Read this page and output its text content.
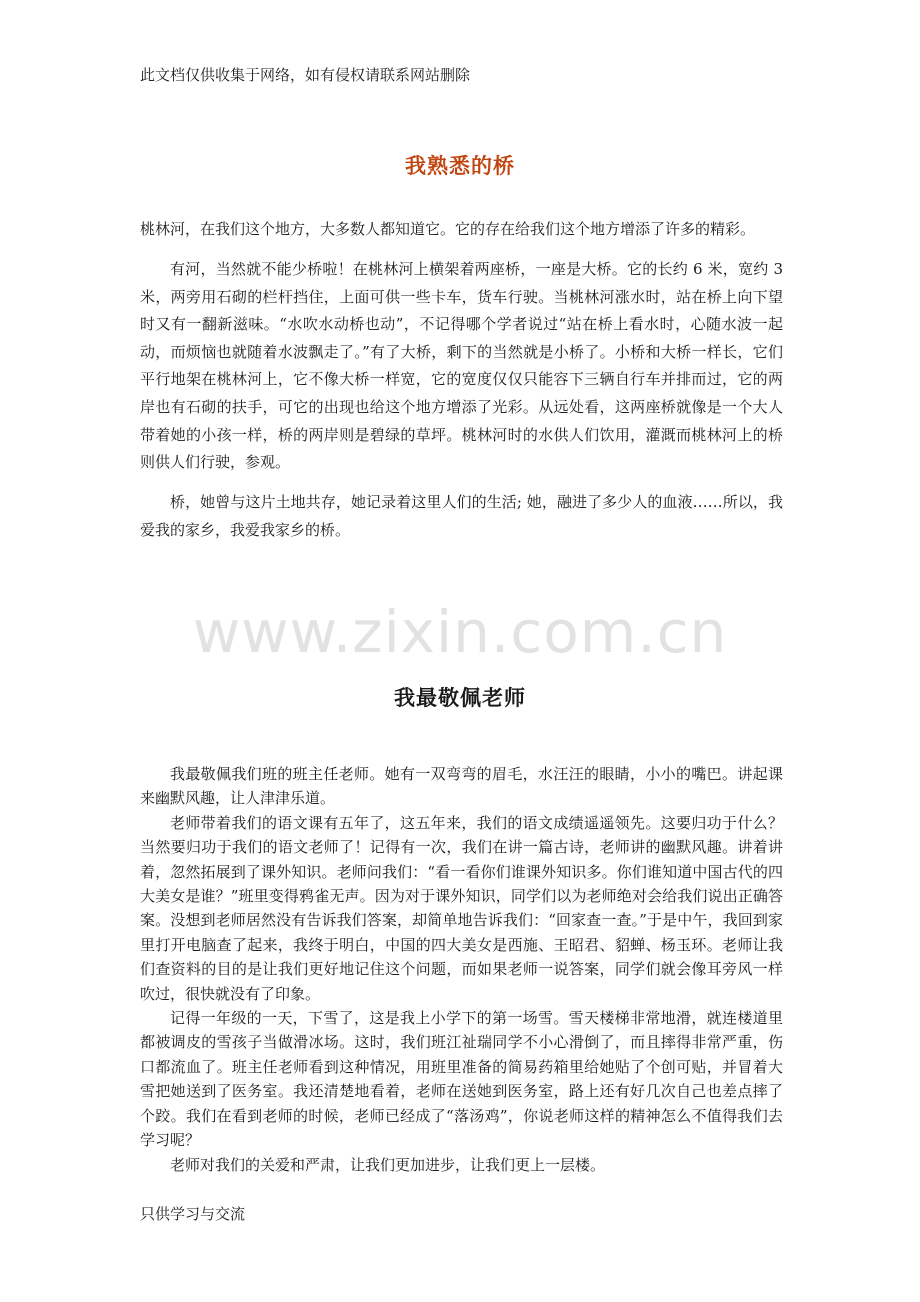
此文档仅供收集于网络，如有侵权请联系网站删除
我熟悉的桥

桃林河，在我们这个地方，大多数人都知道它。它的存在给我们这个地方增添了许多的精彩。

有河，当然就不能少桥啦！在桃林河上横架着两座桥，一座是大桥。它的长约 6 米，宽约 3 米，两旁用石砌的栏杆挡住，上面可供一些卡车，货车行驶。当桃林河涨水时，站在桥上向下望时又有一翻新滋味。“水吹水动桥也动”，不记得哪个学者说过“站在桥上看水时，心随水波一起动，而烦恼也就随着水波飘走了。”有了大桥，剩下的当然就是小桥了。小桥和大桥一样长，它们平行地架在桃林河上，它不像大桥一样宽，它的宽度仅仅只能容下三辆自行车并排而过，它的两岸也有石砌的扶手，可它的出现也给这个地方增添了光彩。从远处看，这两座桥就像是一个大人带着她的小孩一样，桥的两岸则是碧绿的草坪。桃林河时的水供人们饮用，灌溉而桃林河上的桥则供人们行驶，参观。

桥，她曾与这片土地共存，她记录着这里人们的生活; 她，融进了多少人的血液……所以，我爱我的家乡，我爱我家乡的桥。

www.zixin.com.cn
我最敬佩老师

我最敬佩我们班的班主任老师。她有一双弯弯的眉毛，水汪汪的眼睛，小小的嘴巴。讲起课来幽默风趣，让人津津乐道。

老师带着我们的语文课有五年了，这五年来，我们的语文成绩遥遥领先。这要归功于什么？当然要归功于我们的语文老师了！记得有一次，我们在讲一篇古诗，老师讲的幽默风趣。讲着讲着，忽然拓展到了课外知识。老师问我们：“看一看你们谁课外知识多。你们谁知道中国古代的四大美女是谁？”班里变得鸦雀无声。因为对于课外知识，同学们以为老师绝对会给我们说出正确答案。没想到老师居然没有告诉我们答案，却简单地告诉我们：“回家查一查。”于是中午，我回到家里打开电脑查了起来，我终于明白，中国的四大美女是西施、王昭君、貂蝉、杨玉环。老师让我们查资料的目的是让我们更好地记住这个问题，而如果老师一说答案，同学们就会像耳旁风一样吹过，很快就没有了印象。

记得一年级的一天，下雪了，这是我上小学下的第一场雪。雪天楼梯非常地滑，就连楼道里都被调皮的雪孩子当做滑冰场。这时，我们班江祉瑞同学不小心滑倒了，而且摔得非常严重，伤口都流血了。班主任老师看到这种情况，用班里准备的简易药箱里给她贴了个创可贴，并冒着大雪把她送到了医务室。我还清楚地看着，老师在送她到医务室，路上还有好几次自己也差点摔了个跤。我们在看到老师的时候，老师已经成了“落汤鸡”，你说老师这样的精神怎么不值得我们去学习呢？

老师对我们的关爱和严肃，让我们更加进步，让我们更上一层楼。

只供学习与交流
